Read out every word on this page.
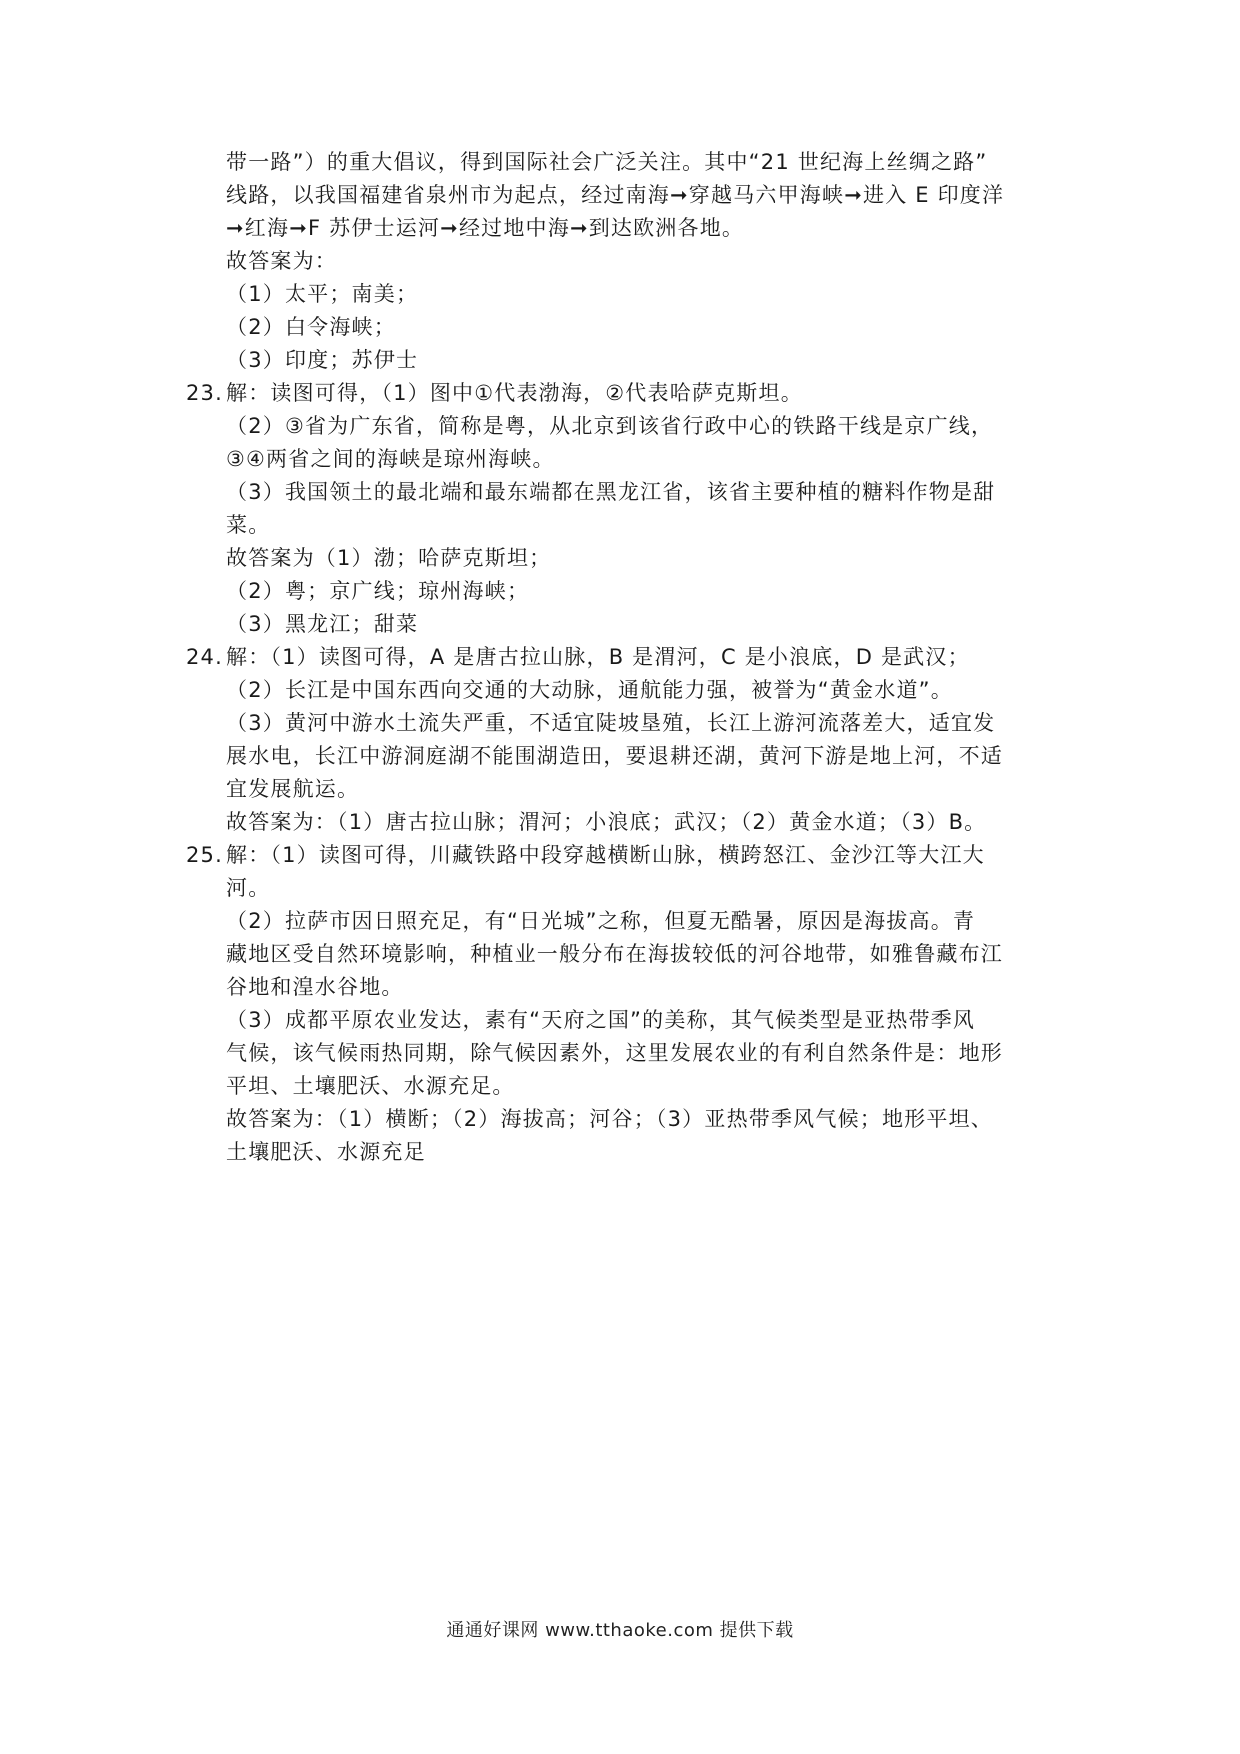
带一路”）的重大倡议，得到国际社会广泛关注。其中“21 世纪海上丝绸之路”
线路，以我国福建省泉州市为起点，经过南海➞穿越马六甲海峡➞进入 E 印度洋
➞红海➞F 苏伊士运河➞经过地中海➞到达欧洲各地。
故答案为：
（1）太平；南美；
（2）白令海峡；
（3）印度；苏伊士
23. 解：读图可得，（1）图中①代表渤海，②代表哈萨克斯坦。
（2）③省为广东省，简称是粤，从北京到该省行政中心的铁路干线是京广线，
③④两省之间的海峡是琼州海峡。
（3）我国领土的最北端和最东端都在黑龙江省，该省主要种植的糖料作物是甜
菜。
故答案为（1）渤；哈萨克斯坦；
（2）粤；京广线；琼州海峡；
（3）黑龙江；甜菜
24. 解：（1）读图可得，A 是唐古拉山脉，B 是渭河，C 是小浪底，D 是武汉；
（2）长江是中国东西向交通的大动脉，通航能力强，被誉为“黄金水道”。
（3）黄河中游水土流失严重，不适宜陡坡垦殖，长江上游河流落差大，适宜发
展水电，长江中游洞庭湖不能围湖造田，要退耕还湖，黄河下游是地上河，不适
宜发展航运。
故答案为：（1）唐古拉山脉；渭河；小浪底；武汉；（2）黄金水道；（3）B。
25. 解：（1）读图可得，川藏铁路中段穿越横断山脉，横跨怒江、金沙江等大江大
河。
（2）拉萨市因日照充足，有“日光城”之称，但夏无酷暑，原因是海拔高。青
藏地区受自然环境影响，种植业一般分布在海拔较低的河谷地带，如雅鲁藏布江
谷地和湟水谷地。
（3）成都平原农业发达，素有“天府之国”的美称，其气候类型是亚热带季风
气候，该气候雨热同期，除气候因素外，这里发展农业的有利自然条件是：地形
平坦、土壤肥沃、水源充足。
故答案为：（1）横断；（2）海拔高；河谷；（3）亚热带季风气候；地形平坦、
土壤肥沃、水源充足
通通好课网 www.tthaoke.com 提供下载
